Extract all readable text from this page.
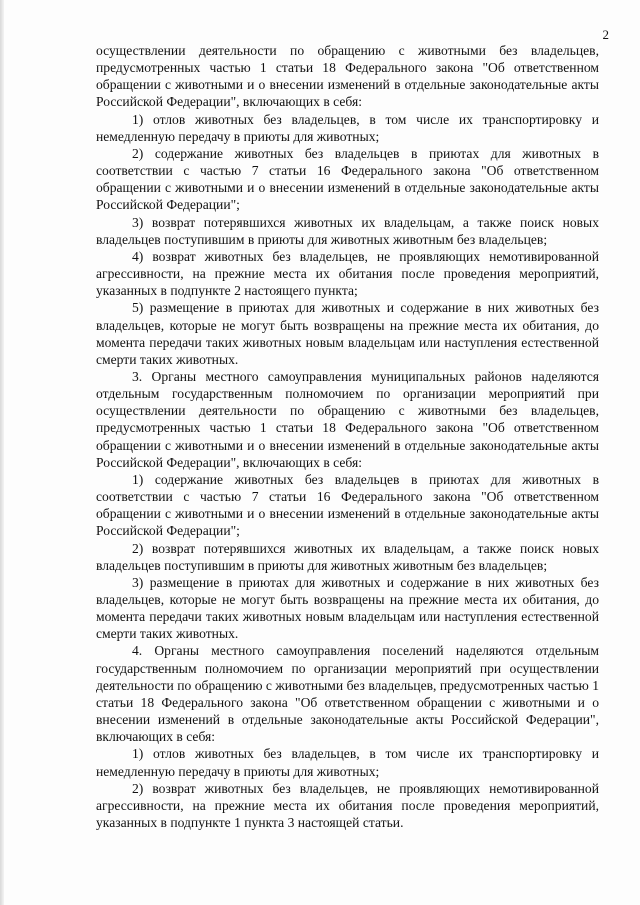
2

осуществлении деятельности по обращению с животными без владельцев, предусмотренных частью 1 статьи 18 Федерального закона "Об ответственном обращении с животными и о внесении изменений в отдельные законодательные акты Российской Федерации", включающих в себя:

1) отлов животных без владельцев, в том числе их транспортировку и немедленную передачу в приюты для животных;

2) содержание животных без владельцев в приютах для животных в соответствии с частью 7 статьи 16 Федерального закона "Об ответственном обращении с животными и о внесении изменений в отдельные законодательные акты Российской Федерации";

3) возврат потерявшихся животных их владельцам, а также поиск новых владельцев поступившим в приюты для животных животным без владельцев;

4) возврат животных без владельцев, не проявляющих немотивированной агрессивности, на прежние места их обитания после проведения мероприятий, указанных в подпункте 2 настоящего пункта;

5) размещение в приютах для животных и содержание в них животных без владельцев, которые не могут быть возвращены на прежние места их обитания, до момента передачи таких животных новым владельцам или наступления естественной смерти таких животных.

3. Органы местного самоуправления муниципальных районов наделяются отдельным государственным полномочием по организации мероприятий при осуществлении деятельности по обращению с животными без владельцев, предусмотренных частью 1 статьи 18 Федерального закона "Об ответственном обращении с животными и о внесении изменений в отдельные законодательные акты Российской Федерации", включающих в себя:

1) содержание животных без владельцев в приютах для животных в соответствии с частью 7 статьи 16 Федерального закона "Об ответственном обращении с животными и о внесении изменений в отдельные законодательные акты Российской Федерации";

2) возврат потерявшихся животных их владельцам, а также поиск новых владельцев поступившим в приюты для животных животным без владельцев;

3) размещение в приютах для животных и содержание в них животных без владельцев, которые не могут быть возвращены на прежние места их обитания, до момента передачи таких животных новым владельцам или наступления естественной смерти таких животных.

4. Органы местного самоуправления поселений наделяются отдельным государственным полномочием по организации мероприятий при осуществлении деятельности по обращению с животными без владельцев, предусмотренных частью 1 статьи 18 Федерального закона "Об ответственном обращении с животными и о внесении изменений в отдельные законодательные акты Российской Федерации", включающих в себя:

1) отлов животных без владельцев, в том числе их транспортировку и немедленную передачу в приюты для животных;

2) возврат животных без владельцев, не проявляющих немотивированной агрессивности, на прежние места их обитания после проведения мероприятий, указанных в подпункте 1 пункта 3 настоящей статьи.
